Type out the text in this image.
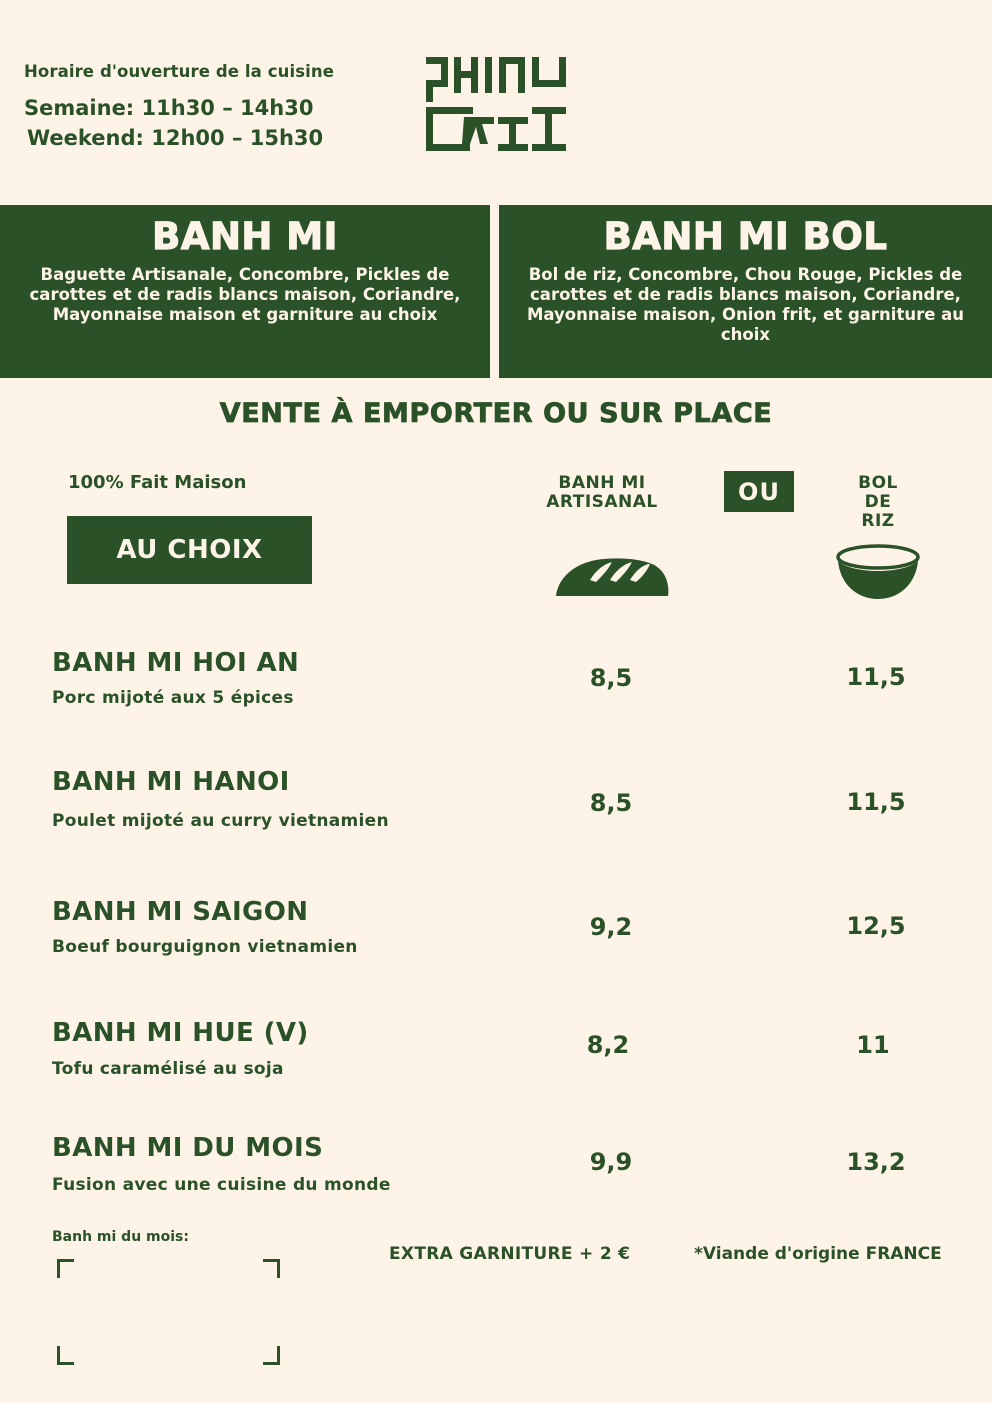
Horaire d'ouverture de la cuisine
Semaine: 11h30 – 14h30
Weekend: 12h00 – 15h30
BANH MI

Baguette Artisanale, Concombre, Pickles de carottes et de radis blancs maison, Coriandre, Mayonnaise maison et garniture au choix

BANH MI BOL

Bol de riz, Concombre, Chou Rouge, Pickles de carottes et de radis blancs maison, Coriandre, Mayonnaise maison, Onion frit, et garniture au choix

VENTE À EMPORTER OU SUR PLACE
100% Fait Maison
AU CHOIX
BANH MI ARTISANAL	OU	BOL DE RIZ
BANH MI HOI AN
Porc mijoté aux 5 épices
8,5	11,5
BANH MI HANOI
Poulet mijoté au curry vietnamien
8,5	11,5
BANH MI SAIGON
Boeuf bourguignon vietnamien
9,2	12,5
BANH MI HUE (V)
Tofu caramélisé au soja
8,2	11
BANH MI DU MOIS
Fusion avec une cuisine du monde
9,9	13,2
Banh mi du mois:
EXTRA GARNITURE + 2 €	*Viande d'origine FRANCE
